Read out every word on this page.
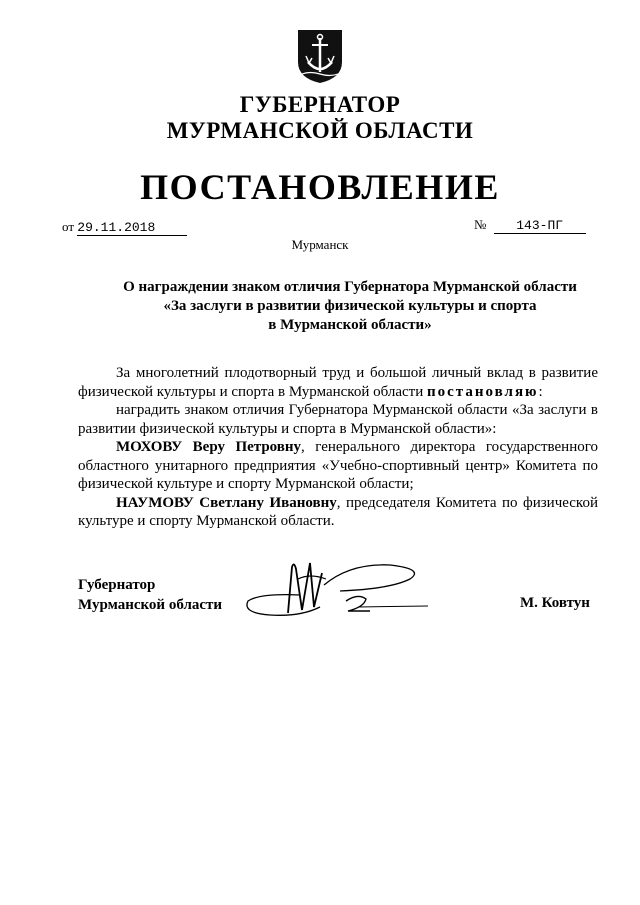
ГУБЕРНАТОР
МУРМАНСКОЙ ОБЛАСТИ
ПОСТАНОВЛЕНИЕ
от 29.11.2018	№ 143-ПГ
Мурманск
О награждении знаком отличия Губернатора Мурманской области
«За заслуги в развитии физической культуры и спорта
в Мурманской области»

За многолетний плодотворный труд и большой личный вклад в развитие физической культуры и спорта в Мурманской области постановляю:

наградить знаком отличия Губернатора Мурманской области «За заслуги в развитии физической культуры и спорта в Мурманской области»:

МОХОВУ Веру Петровну, генерального директора государственного областного унитарного предприятия «Учебно-спортивный центр» Комитета по физической культуре и спорту Мурманской области;

НАУМОВУ Светлану Ивановну, председателя Комитета по физической культуре и спорту Мурманской области.

Губернатор
Мурманской области	М. Ковтун
